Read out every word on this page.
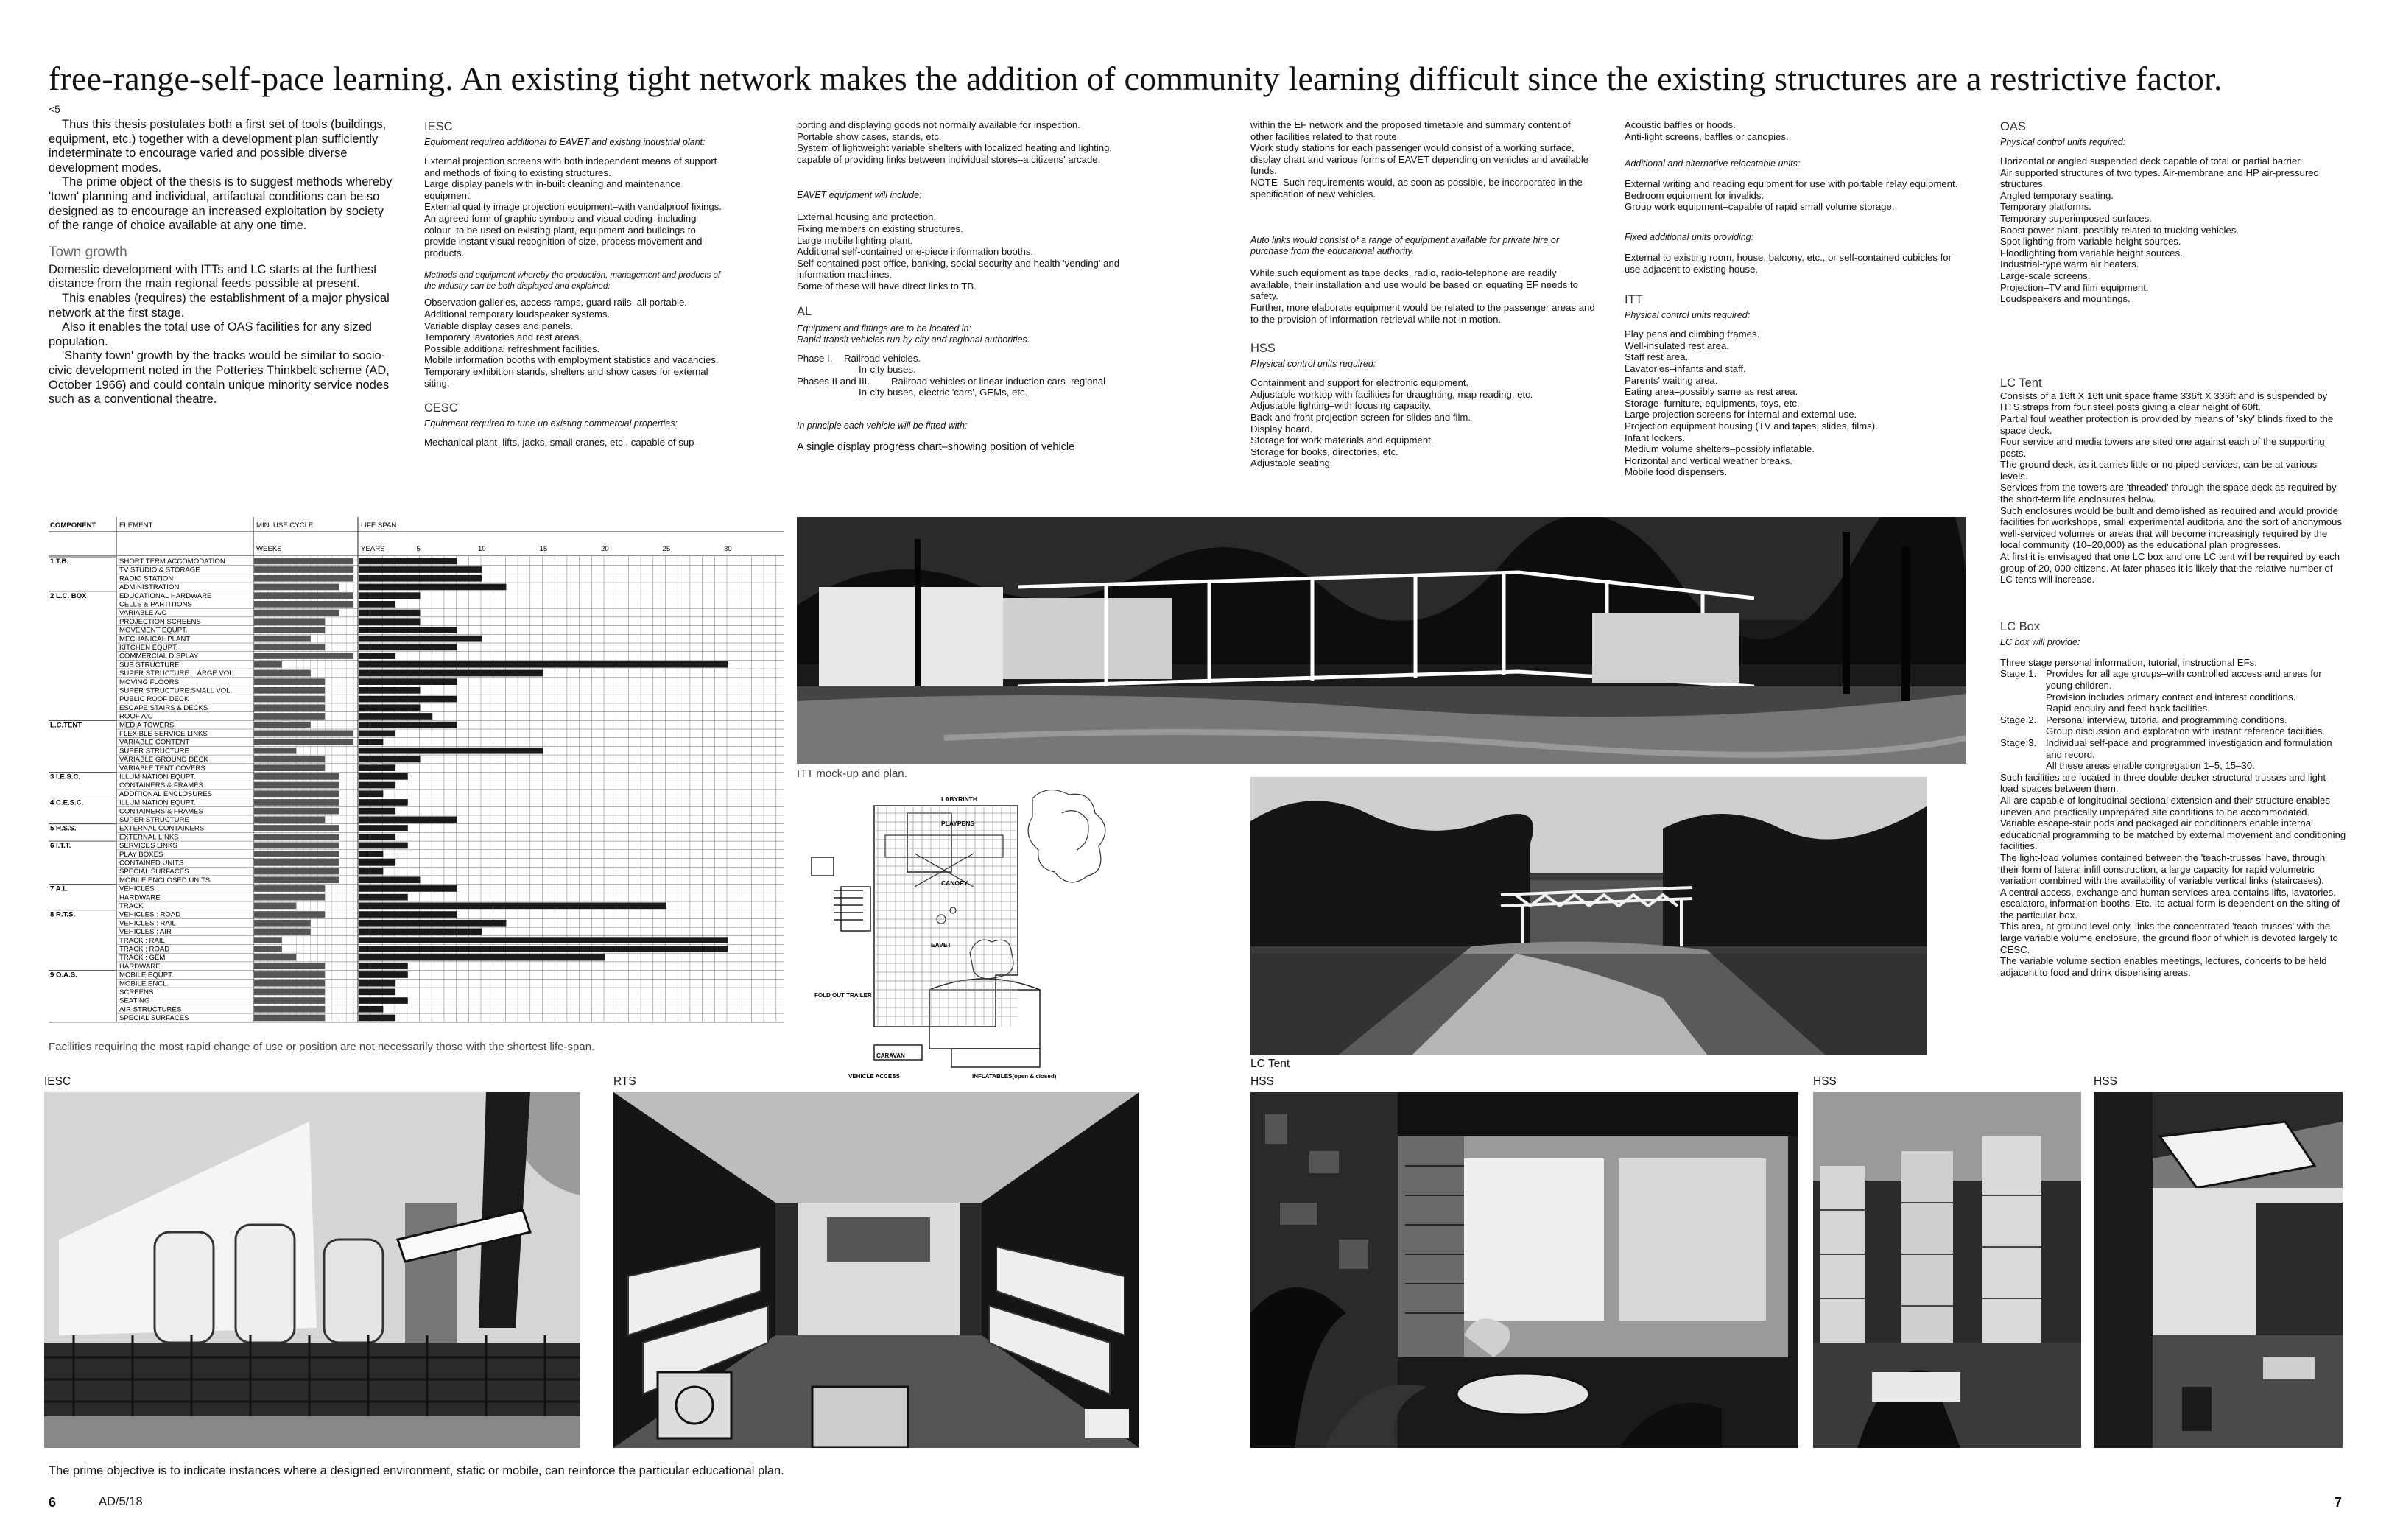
free-range-self-pace learning. An existing tight network makes the addition of community learning difficult since the existing structures are a restrictive factor.
<5

Thus this thesis postulates both a first set of tools (buildings, equipment, etc.) together with a development plan sufficiently indeterminate to encourage varied and possible diverse development modes.

The prime object of the thesis is to suggest methods whereby 'town' planning and individual, artifactual conditions can be so designed as to encourage an increased exploitation by society of the range of choice available at any one time.

Town growth

Domestic development with ITTs and LC starts at the furthest distance from the main regional feeds possible at present.

This enables (requires) the establishment of a major physical network at the first stage.

Also it enables the total use of OAS facilities for any sized population.

'Shanty town' growth by the tracks would be similar to socio-civic development noted in the Potteries Thinkbelt scheme (AD, October 1966) and could contain unique minority service nodes such as a conventional theatre.

IESC
Equipment required additional to EAVET and existing industrial plant:
External projection screens with both independent means of support and methods of fixing to existing structures.
Large display panels with in-built cleaning and maintenance equipment.
External quality image projection equipment–with vandalproof fixings.
An agreed form of graphic symbols and visual coding–including colour–to be used on existing plant, equipment and buildings to provide instant visual recognition of size, process movement and products.
Methods and equipment whereby the production, management and products of the industry can be both displayed and explained:
Observation galleries, access ramps, guard rails–all portable.
Additional temporary loudspeaker systems.
Variable display cases and panels.
Temporary lavatories and rest areas.
Possible additional refreshment facilities.
Mobile information booths with employment statistics and vacancies.
Temporary exhibition stands, shelters and show cases for external siting.
CESC
Equipment required to tune up existing commercial properties:
Mechanical plant–lifts, jacks, small cranes, etc., capable of sup-
porting and displaying goods not normally available for inspection.
Portable show cases, stands, etc.
System of lightweight variable shelters with localized heating and lighting, capable of providing links between individual stores–a citizens' arcade.
EAVET equipment will include:
External housing and protection.
Fixing members on existing structures.
Large mobile lighting plant.
Additional self-contained one-piece information booths.
Self-contained post-office, banking, social security and health 'vending' and information machines.
Some of these will have direct links to TB.
AL
Equipment and fittings are to be located in:
Rapid transit vehicles run by city and regional authorities.
Phase I.	Railroad vehicles.
In-city buses.
Phases II and III.	Railroad vehicles or linear induction cars–regional
In-city buses, electric 'cars', GEMs, etc.
In principle each vehicle will be fitted with:
A single display progress chart–showing position of vehicle
within the EF network and the proposed timetable and summary content of other facilities related to that route.
Work study stations for each passenger would consist of a working surface, display chart and various forms of EAVET depending on vehicles and available funds.
NOTE–Such requirements would, as soon as possible, be incorporated in the specification of new vehicles.
Auto links would consist of a range of equipment available for private hire or purchase from the educational authority.
While such equipment as tape decks, radio, radio-telephone are readily available, their installation and use would be based on equating EF needs to safety.
Further, more elaborate equipment would be related to the passenger areas and to the provision of information retrieval while not in motion.
HSS
Physical control units required:
Containment and support for electronic equipment.
Adjustable worktop with facilities for draughting, map reading, etc.
Adjustable lighting–with focusing capacity.
Back and front projection screen for slides and film.
Display board.
Storage for work materials and equipment.
Storage for books, directories, etc.
Adjustable seating.
Acoustic baffles or hoods.
Anti-light screens, baffles or canopies.
Additional and alternative relocatable units:
External writing and reading equipment for use with portable relay equipment.
Bedroom equipment for invalids.
Group work equipment–capable of rapid small volume storage.
Fixed additional units providing:
External to existing room, house, balcony, etc., or self-contained cubicles for use adjacent to existing house.
ITT
Physical control units required:
Play pens and climbing frames.
Well-insulated rest area.
Staff rest area.
Lavatories–infants and staff.
Parents' waiting area.
Eating area–possibly same as rest area.
Storage–furniture, equipments, toys, etc.
Large projection screens for internal and external use.
Projection equipment housing (TV and tapes, slides, films).
Infant lockers.
Medium volume shelters–possibly inflatable.
Horizontal and vertical weather breaks.
Mobile food dispensers.
OAS
Physical control units required:
Horizontal or angled suspended deck capable of total or partial barrier.
Air supported structures of two types. Air-membrane and HP air-pressured structures.
Angled temporary seating.
Temporary platforms.
Temporary superimposed surfaces.
Boost power plant–possibly related to trucking vehicles.
Spot lighting from variable height sources.
Floodlighting from variable height sources.
Industrial-type warm air heaters.
Large-scale screens.
Projection–TV and film equipment.
Loudspeakers and mountings.
LC Tent
Consists of a 16ft X 16ft unit space frame 336ft X 336ft and is suspended by HTS straps from four steel posts giving a clear height of 60ft.
Partial foul weather protection is provided by means of 'sky' blinds fixed to the space deck.
Four service and media towers are sited one against each of the supporting posts.
The ground deck, as it carries little or no piped services, can be at various levels.
Services from the towers are 'threaded' through the space deck as required by the short-term life enclosures below.
Such enclosures would be built and demolished as required and would provide facilities for workshops, small experimental auditoria and the sort of anonymous well-serviced volumes or areas that will become increasingly required by the local community (10–20,000) as the educational plan progresses.
At first it is envisaged that one LC box and one LC tent will be required by each group of 20, 000 citizens. At later phases it is likely that the relative number of LC tents will increase.
LC Box
LC box will provide:
Three stage personal information, tutorial, instructional EFs.
Stage 1. Provides for all age groups–with controlled access and areas for young children.
Provision includes primary contact and interest conditions.
Rapid enquiry and feed-back facilities.
Stage 2. Personal interview, tutorial and programming conditions.
Group discussion and exploration with instant reference facilities.
Stage 3. Individual self-pace and programmed investigation and formulation and record.
All these areas enable congregation 1–5, 15–30.
Such facilities are located in three double-decker structural trusses and light-load spaces between them.
All are capable of longitudinal sectional extension and their structure enables uneven and practically unprepared site conditions to be accommodated.
Variable escape-stair pods and packaged air conditioners enable internal educational programming to be matched by external movement and conditioning facilities.
The light-load volumes contained between the 'teach-trusses' have, through their form of lateral infill construction, a large capacity for rapid volumetric variation combined with the availability of variable vertical links (staircases).
A central access, exchange and human services area contains lifts, lavatories, escalators, information booths. Etc. Its actual form is dependent on the siting of the particular box.
This area, at ground level only, links the concentrated 'teach-trusses' with the large variable volume enclosure, the ground floor of which is devoted largely to CESC.
The variable volume section enables meetings, lectures, concerts to be held adjacent to food and drink dispensing areas.
COMPONENT	ELEMENT	MIN. USE CYCLE	LIFE SPAN
WEEKS	YEARS	5	10	15	20	25	30
1 T.B.	SHORT TERM ACCOMODATION
TV STUDIO & STORAGE
RADIO STATION
ADMINISTRATION
2 L.C. BOX	EDUCATIONAL HARDWARE
CELLS & PARTITIONS
VARIABLE A/C
PROJECTION SCREENS
MOVEMENT EQUPT.
MECHANICAL PLANT
KITCHEN EQUPT.
COMMERCIAL DISPLAY
SUB STRUCTURE
SUPER STRUCTURE: LARGE VOL.
MOVING FLOORS
SUPER STRUCTURE:SMALL VOL.
PUBLIC ROOF DECK
ESCAPE STAIRS & DECKS
ROOF A/C
L.C.TENT	MEDIA TOWERS
FLEXIBLE SERVICE LINKS
VARIABLE CONTENT
SUPER STRUCTURE
VARIABLE GROUND DECK
VARIABLE TENT COVERS
3 I.E.S.C.	ILLUMINATION EQUPT.
CONTAINERS & FRAMES
ADDITIONAL ENCLOSURES
4 C.E.S.C.	ILLUMINATION EQUPT.
CONTAINERS & FRAMES
SUPER STRUCTURE
5 H.S.S.	EXTERNAL CONTAINERS
EXTERNAL LINKS
6 I.T.T.	SERVICES LINKS
PLAY BOXES
CONTAINED UNITS
SPECIAL SURFACES
MOBILE ENCLOSED UNITS
7 A.L.	VEHICLES
HARDWARE
TRACK
8 R.T.S.	VEHICLES : ROAD
VEHICLES : RAIL
VEHICLES : AIR
TRACK : RAIL
TRACK : ROAD
TRACK : GEM
HARDWARE
9 O.A.S.	MOBILE EQUPT.
MOBILE ENCL.
SCREENS
SEATING
AIR STRUCTURES
SPECIAL SURFACES
Facilities requiring the most rapid change of use or position are not necessarily those with the shortest life-span.
ITT mock-up and plan.
LABYRINTH
PLAYPENS
CANOPY
EAVET
FOLD OUT TRAILER
CARAVAN
VEHICLE ACCESS	INFLATABLES(open & closed)
LC Tent
IESC	RTS	HSS	HSS	HSS
The prime objective is to indicate instances where a designed environment, static or mobile, can reinforce the particular educational plan.
6	AD/5/18	7
